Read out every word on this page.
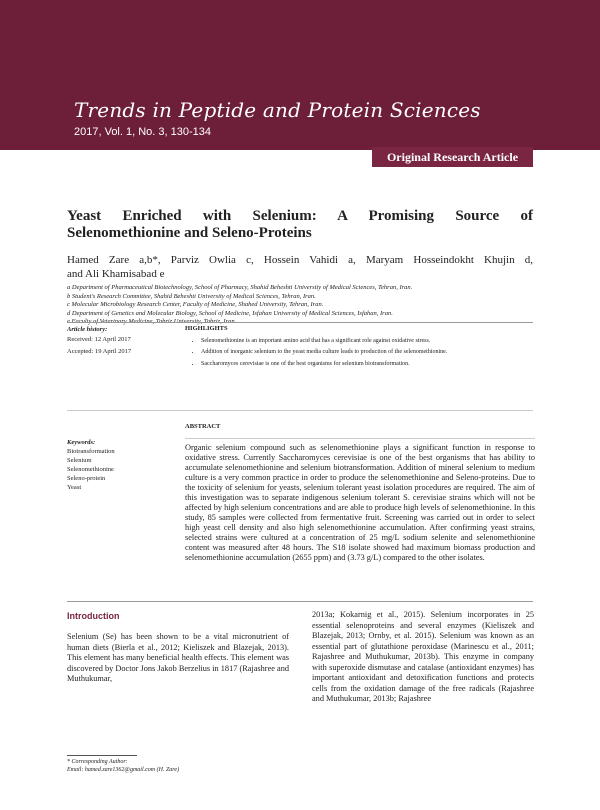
Trends in Peptide and Protein Sciences
2017, Vol. 1, No. 3, 130-134
Original Research Article
Yeast Enriched with Selenium: A Promising Source of
Selenomethionine and Seleno-Proteins
Hamed Zare a,b*, Parviz Owlia c, Hossein Vahidi a, Maryam Hosseindokht Khujin d,
and Ali Khamisabad e
a Department of Pharmaceutical Biotechnology, School of Pharmacy, Shahid Beheshti University of Medical Sciences, Tehran, Iran.
b Student's Research Committee, Shahid Beheshti University of Medical Sciences, Tehran, Iran.
c Molecular Microbiology Research Center, Faculty of Medicine, Shahed University, Tehran, Iran.
d Department of Genetics and Molecular Biology, School of Medicine, Isfahan University of Medical Sciences, Isfahan, Iran.
Article history:
Received: 12 April 2017
Accepted: 19 April 2017
HIGHLIGHTS
• Selenomethionine is an important amino acid that has a significant role against oxidative stress.
• Addition of inorganic selenium to the yeast media culture leads to production of the selenomethionine.
• Saccharomyces cerevisiae is one of the best organisms for selenium biotransformation.
Keywords:
Biotransformation
Selenium
Selenomethionine
Seleno-protein
Yeast
ABSTRACT
Organic selenium compound such as selenomethionine plays a significant function in response to oxidative stress. Currently Saccharomyces cerevisiae is one of the best organisms that has ability to accumulate selenomethionine and selenium biotransformation. Addition of mineral selenium to medium culture is a very common practice in order to produce the selenomethionine and Seleno-proteins. Due to the toxicity of selenium for yeasts, selenium tolerant yeast isolation procedures are required. The aim of this investigation was to separate indigenous selenium tolerant S. cerevisiae strains which will not be affected by high selenium concentrations and are able to produce high levels of selenomethionine. In this study, 85 samples were collected from fermentative fruit. Screening was carried out in order to select high yeast cell density and also high selenomethionine accumulation. After confirming yeast strains, selected strains were cultured at a concentration of 25 mg/L sodium selenite and selenomethionine content was measured after 48 hours. The S18 isolate showed had maximum biomass production and selenomethionine accumulation (2655 ppm) and (3.73 g/L) compared to the other isolates.
Introduction
Selenium (Se) has been shown to be a vital micronutrient of human diets (Bierla et al., 2012; Kieliszek and Blazejak, 2013). This element has many beneficial health effects. This element was discovered by Doctor Jons Jakob Berzelius in 1817 (Rajashree and Muthukumar,
2013a; Kokarnig et al., 2015). Selenium incorporates in 25 essential selenoproteins and several enzymes (Kieliszek and Blazejak, 2013; Ornby, et al. 2015). Selenium was known as an essential part of glutathione peroxidase (Marinescu et al., 2011; Rajashree and Muthukumar, 2013b). This enzyme in company with superoxide dismutase and catalase (antioxidant enzymes) has important antioxidant and detoxification functions and protects cells from the oxidation damage of the free radicals (Rajashree and Muthukumar, 2013b; Rajashree
* Corresponding Author:
Email: hamed.zare1362@gmail.com (H. Zare)
